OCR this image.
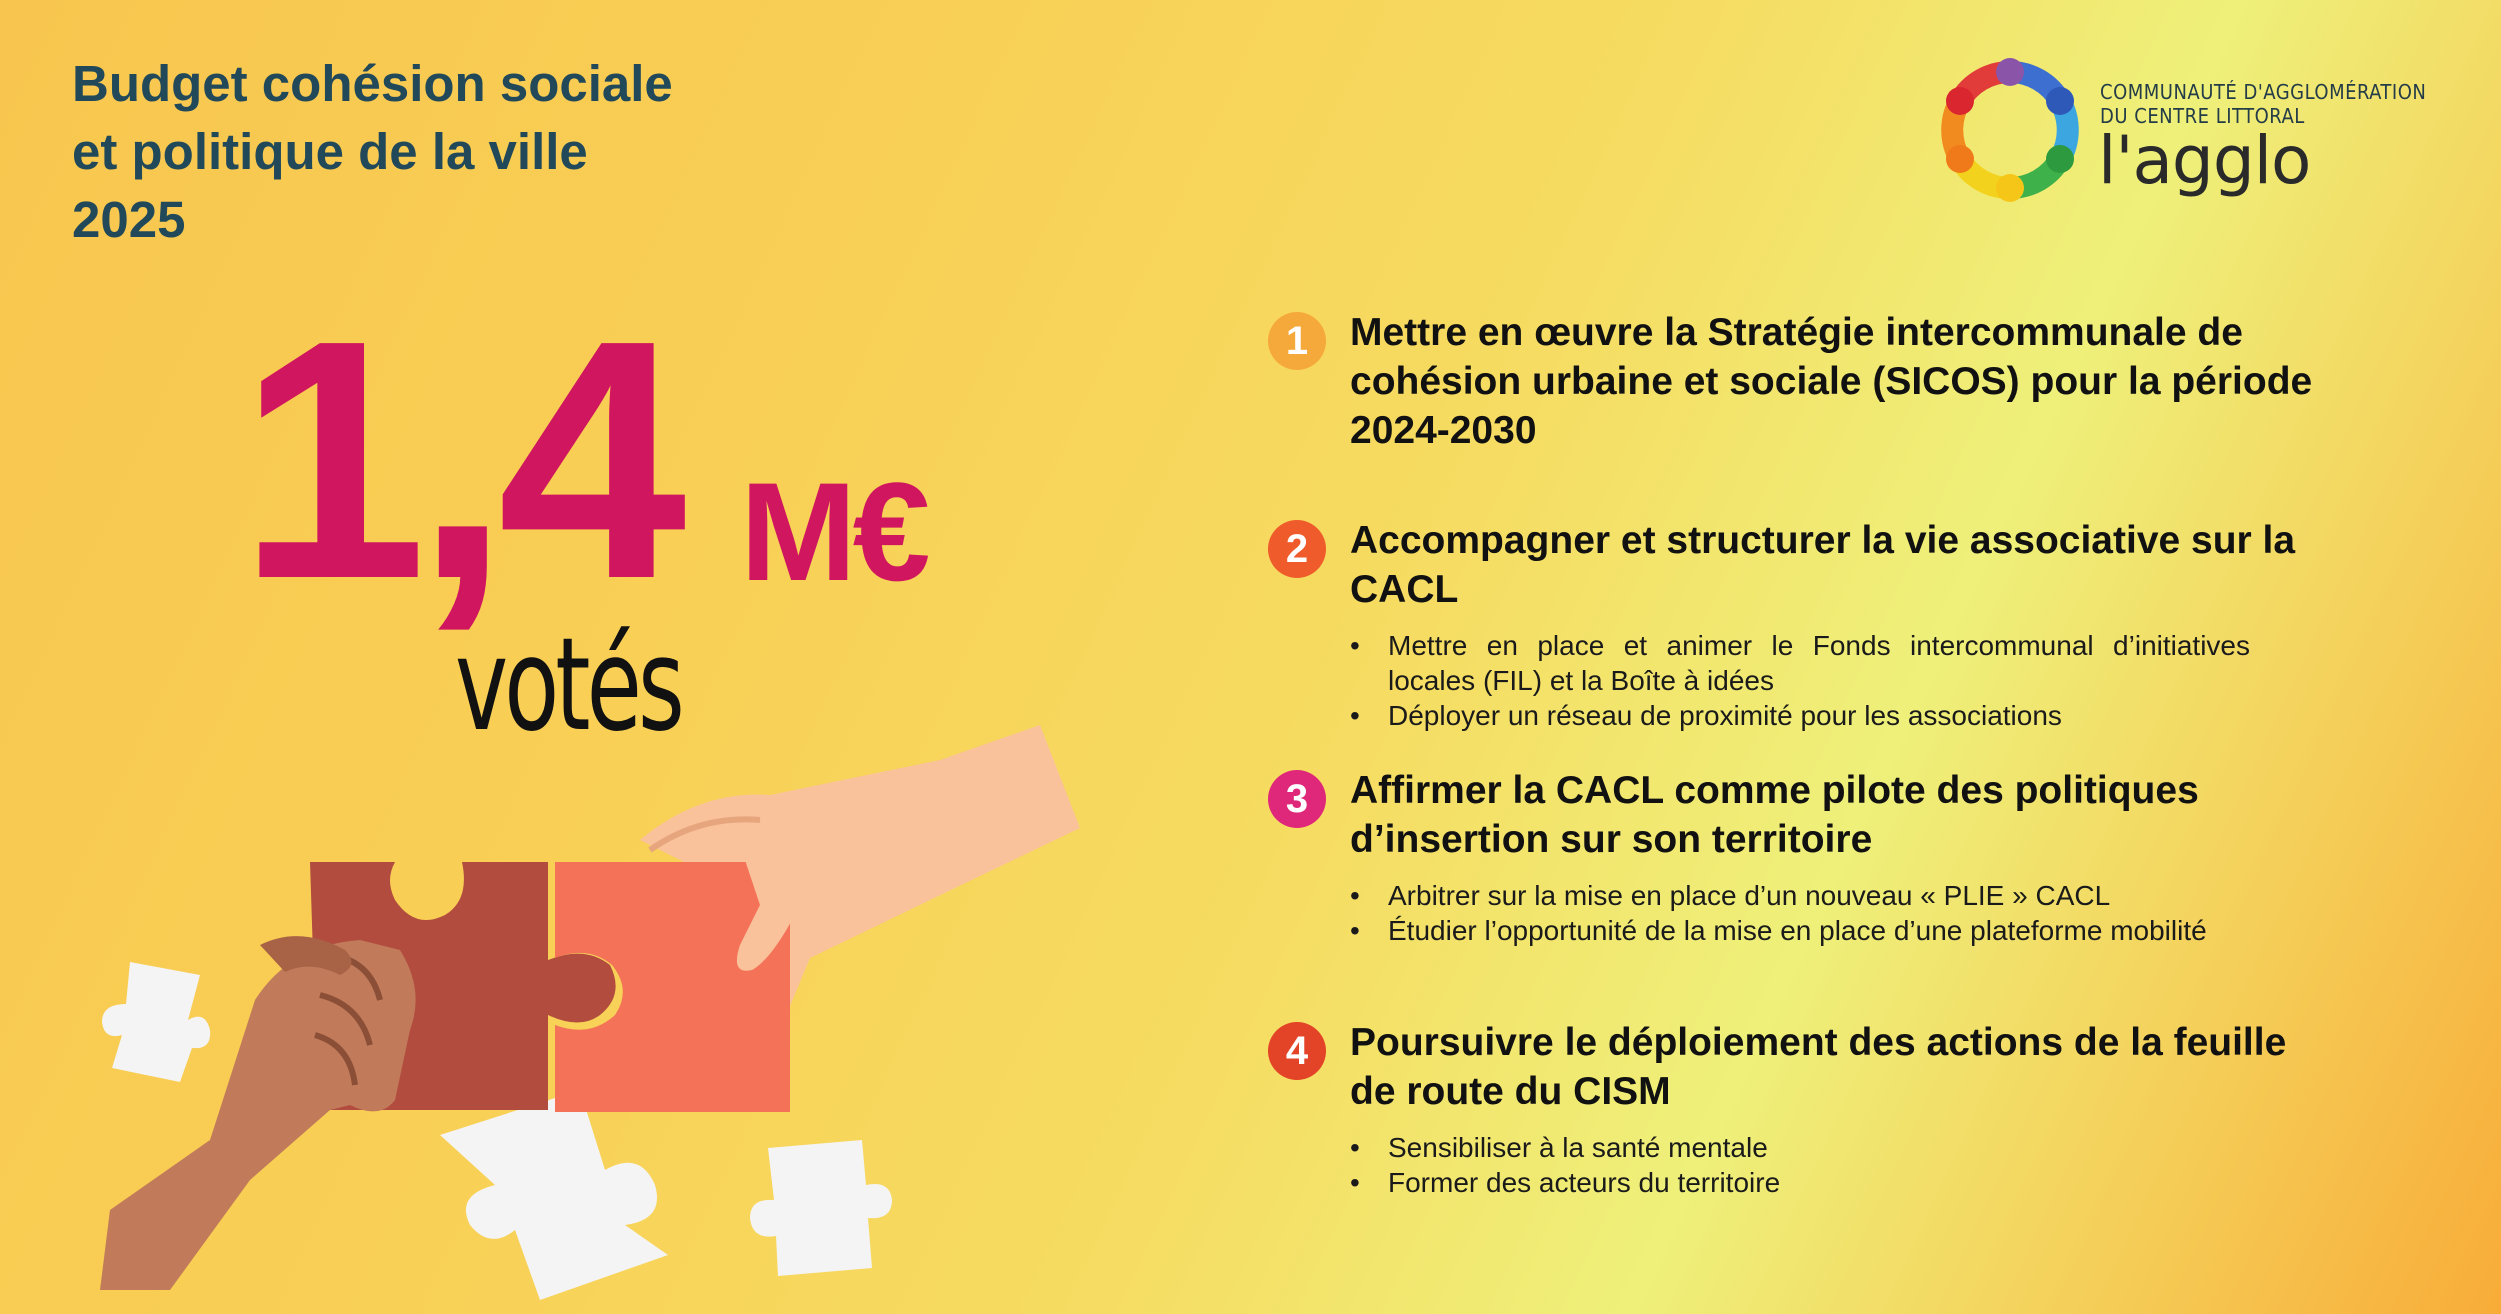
Budget cohésion sociale
et politique de la ville
2025
COMMUNAUTÉ D'AGGLOMÉRATION
DU CENTRE LITTORAL
l'agglo
1,4 M€
votés
1	Mettre en œuvre la Stratégie intercommunale de cohésion urbaine et sociale (SICOS) pour la période 2024-2030

2	Accompagner et structurer la vie associative sur la CACL

• Mettre en place et animer le Fonds intercommunal d’initiatives locales (FIL) et la Boîte à idées
• Déployer un réseau de proximité pour les associations
3	Affirmer la CACL comme pilote des politiques d’insertion sur son territoire

• Arbitrer sur la mise en place d’un nouveau « PLIE » CACL
• Étudier l’opportunité de la mise en place d’une plateforme mobilité
4	Poursuivre le déploiement des actions de la feuille de route du CISM

• Sensibiliser à la santé mentale
• Former des acteurs du territoire
